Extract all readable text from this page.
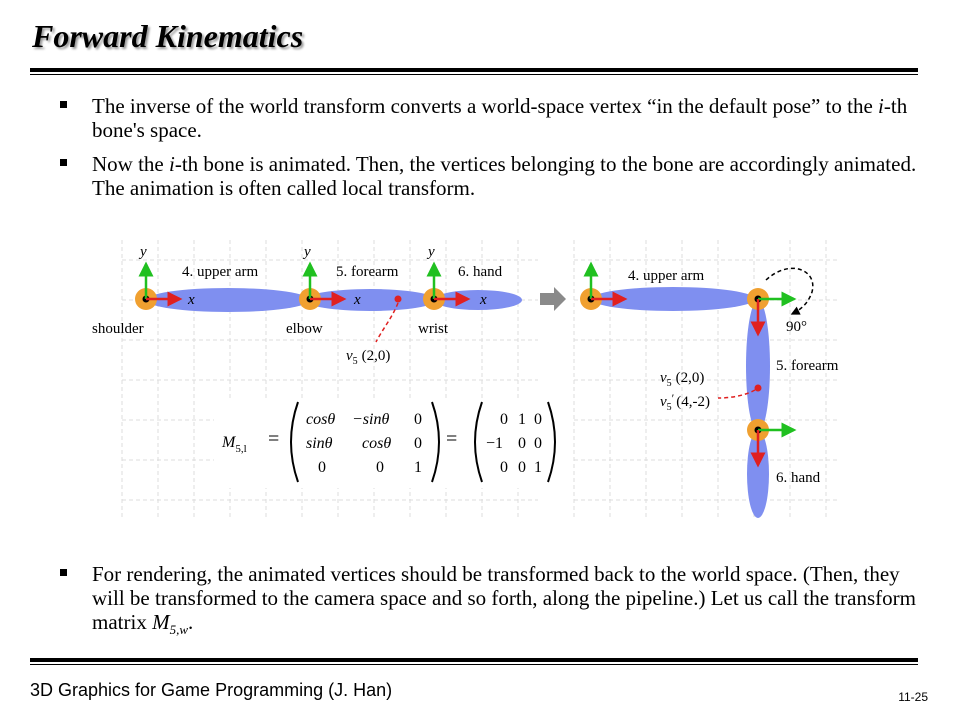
Forward Kinematics
The inverse of the world transform converts a world-space vertex “in the default pose” to the i-th bone's space.
Now the i-th bone is animated. Then, the vertices belonging to the bone are accordingly animated. The animation is often called local transform.
y	y	y
x	x	x
4. upper arm	5. forearm	6. hand
shoulder	elbow	wrist
$v_5$ (2,0)
4. upper arm
5. forearm
6. hand
90°
$v_5$ (2,0)
$v_5'$ (4,-2)
$M_{5,l}$ =
cosθ −sinθ 0
sinθ cosθ 0
0	0 1
=
0 1 0
−1 0 0
0 0 1
For rendering, the animated vertices should be transformed back to the world space. (Then, they will be transformed to the camera space and so forth, along the pipeline.) Let us call the transform matrix $M_{5,w}$.
3D Graphics for Game Programming (J. Han)	11-25
